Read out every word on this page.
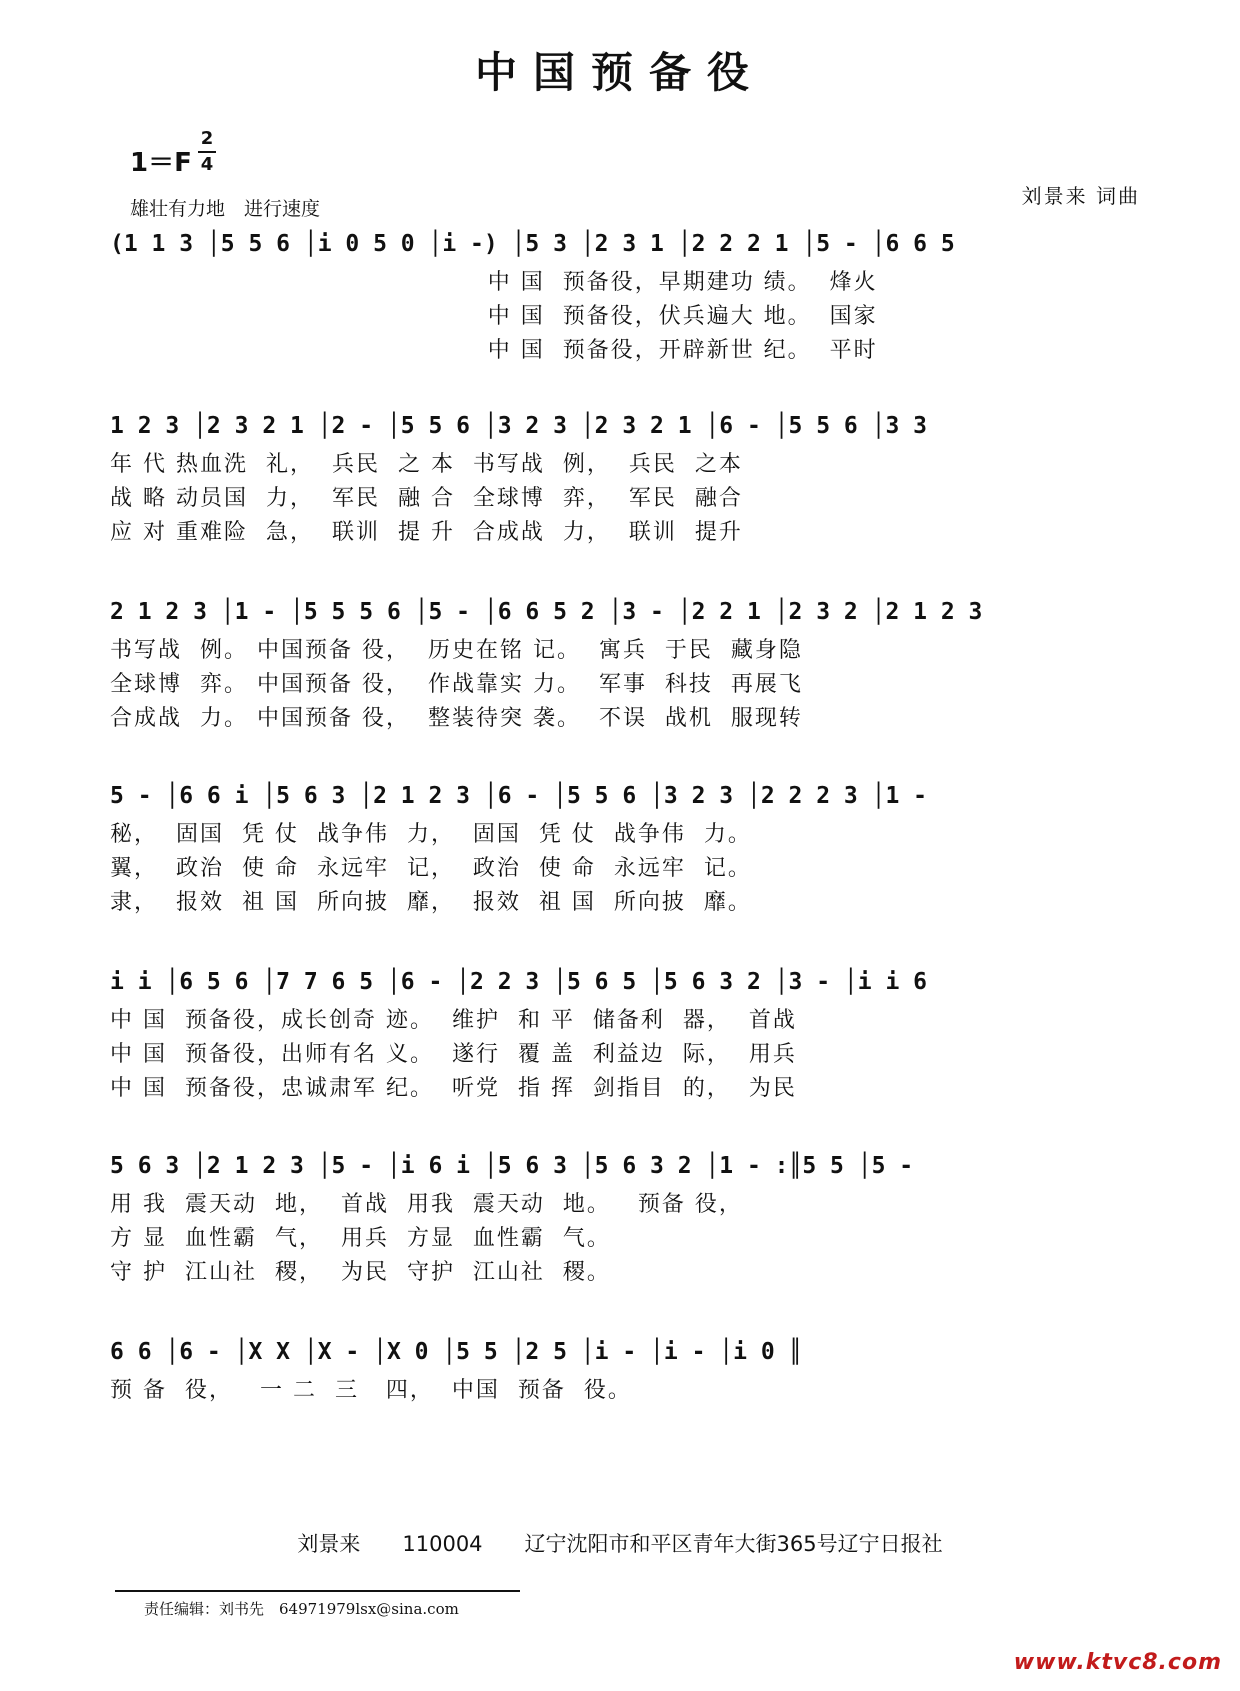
中国预备役
1＝F
2
4
雄壮有力地　进行速度
刘景来 词曲
(1 1 3 │5 5 6 │i 0 5 0 │i -) │5 3 │2 3 1 │2 2 2 1 │5 - │6 6 5
中 国  预备役，早期建功 绩。  烽火
中 国  预备役，伏兵遍大 地。  国家
中 国  预备役，开辟新世 纪。  平时
1 2 3 │2 3 2 1 │2 - │5 5 6 │3 2 3 │2 3 2 1 │6 - │5 5 6 │3 3
年 代 热血洗  礼，  兵民  之 本  书写战  例，  兵民  之本
战 略 动员国  力，  军民  融 合  全球博  弈，  军民  融合
应 对 重难险  急，  联训  提 升  合成战  力，  联训  提升
2 1 2 3 │1 - │5 5 5 6 │5 - │6 6 5 2 │3 - │2 2 1 │2 3 2 │2 1 2 3
书写战  例。 中国预备 役，  历史在铭 记。  寓兵  于民  藏身隐
全球博  弈。 中国预备 役，  作战靠实 力。  军事  科技  再展飞
合成战  力。 中国预备 役，  整装待突 袭。  不误  战机  服现转
5 - │6 6 i │5 6 3 │2 1 2 3 │6 - │5 5 6 │3 2 3 │2 2 2 3 │1 -
秘，  固国  凭 仗  战争伟  力，  固国  凭 仗  战争伟  力。
翼，  政治  使 命  永远牢  记，  政治  使 命  永远牢  记。
隶，  报效  祖 国  所向披  靡，  报效  祖 国  所向披  靡。
i i │6 5 6 │7 7 6 5 │6 - │2 2 3 │5 6 5 │5 6 3 2 │3 - │i i 6
中 国  预备役，成长创奇 迹。  维护  和 平  储备利  器，  首战
中 国  预备役，出师有名 义。  遂行  覆 盖  利益边  际，  用兵
中 国  预备役，忠诚肃军 纪。  听党  指 挥  剑指目  的，  为民
5 6 3 │2 1 2 3 │5 - │i 6 i │5 6 3 │5 6 3 2 │1 - :║5 5 │5 -
用 我  震天动  地，  首战  用我  震天动  地。   预备 役，
方 显  血性霸  气，  用兵  方显  血性霸  气。
守 护  江山社  稷，  为民  守护  江山社  稷。
6 6 │6 - │X X │X - │X 0 │5 5 │2 5 │i - │i - │i 0 ║
预 备  役，   一 二  三   四，  中国  预备  役。
刘景来　　110004　　辽宁沈阳市和平区青年大街365号辽宁日报社
责任编辑：刘书先　64971979lsx@sina.com
www.ktvc8.com
